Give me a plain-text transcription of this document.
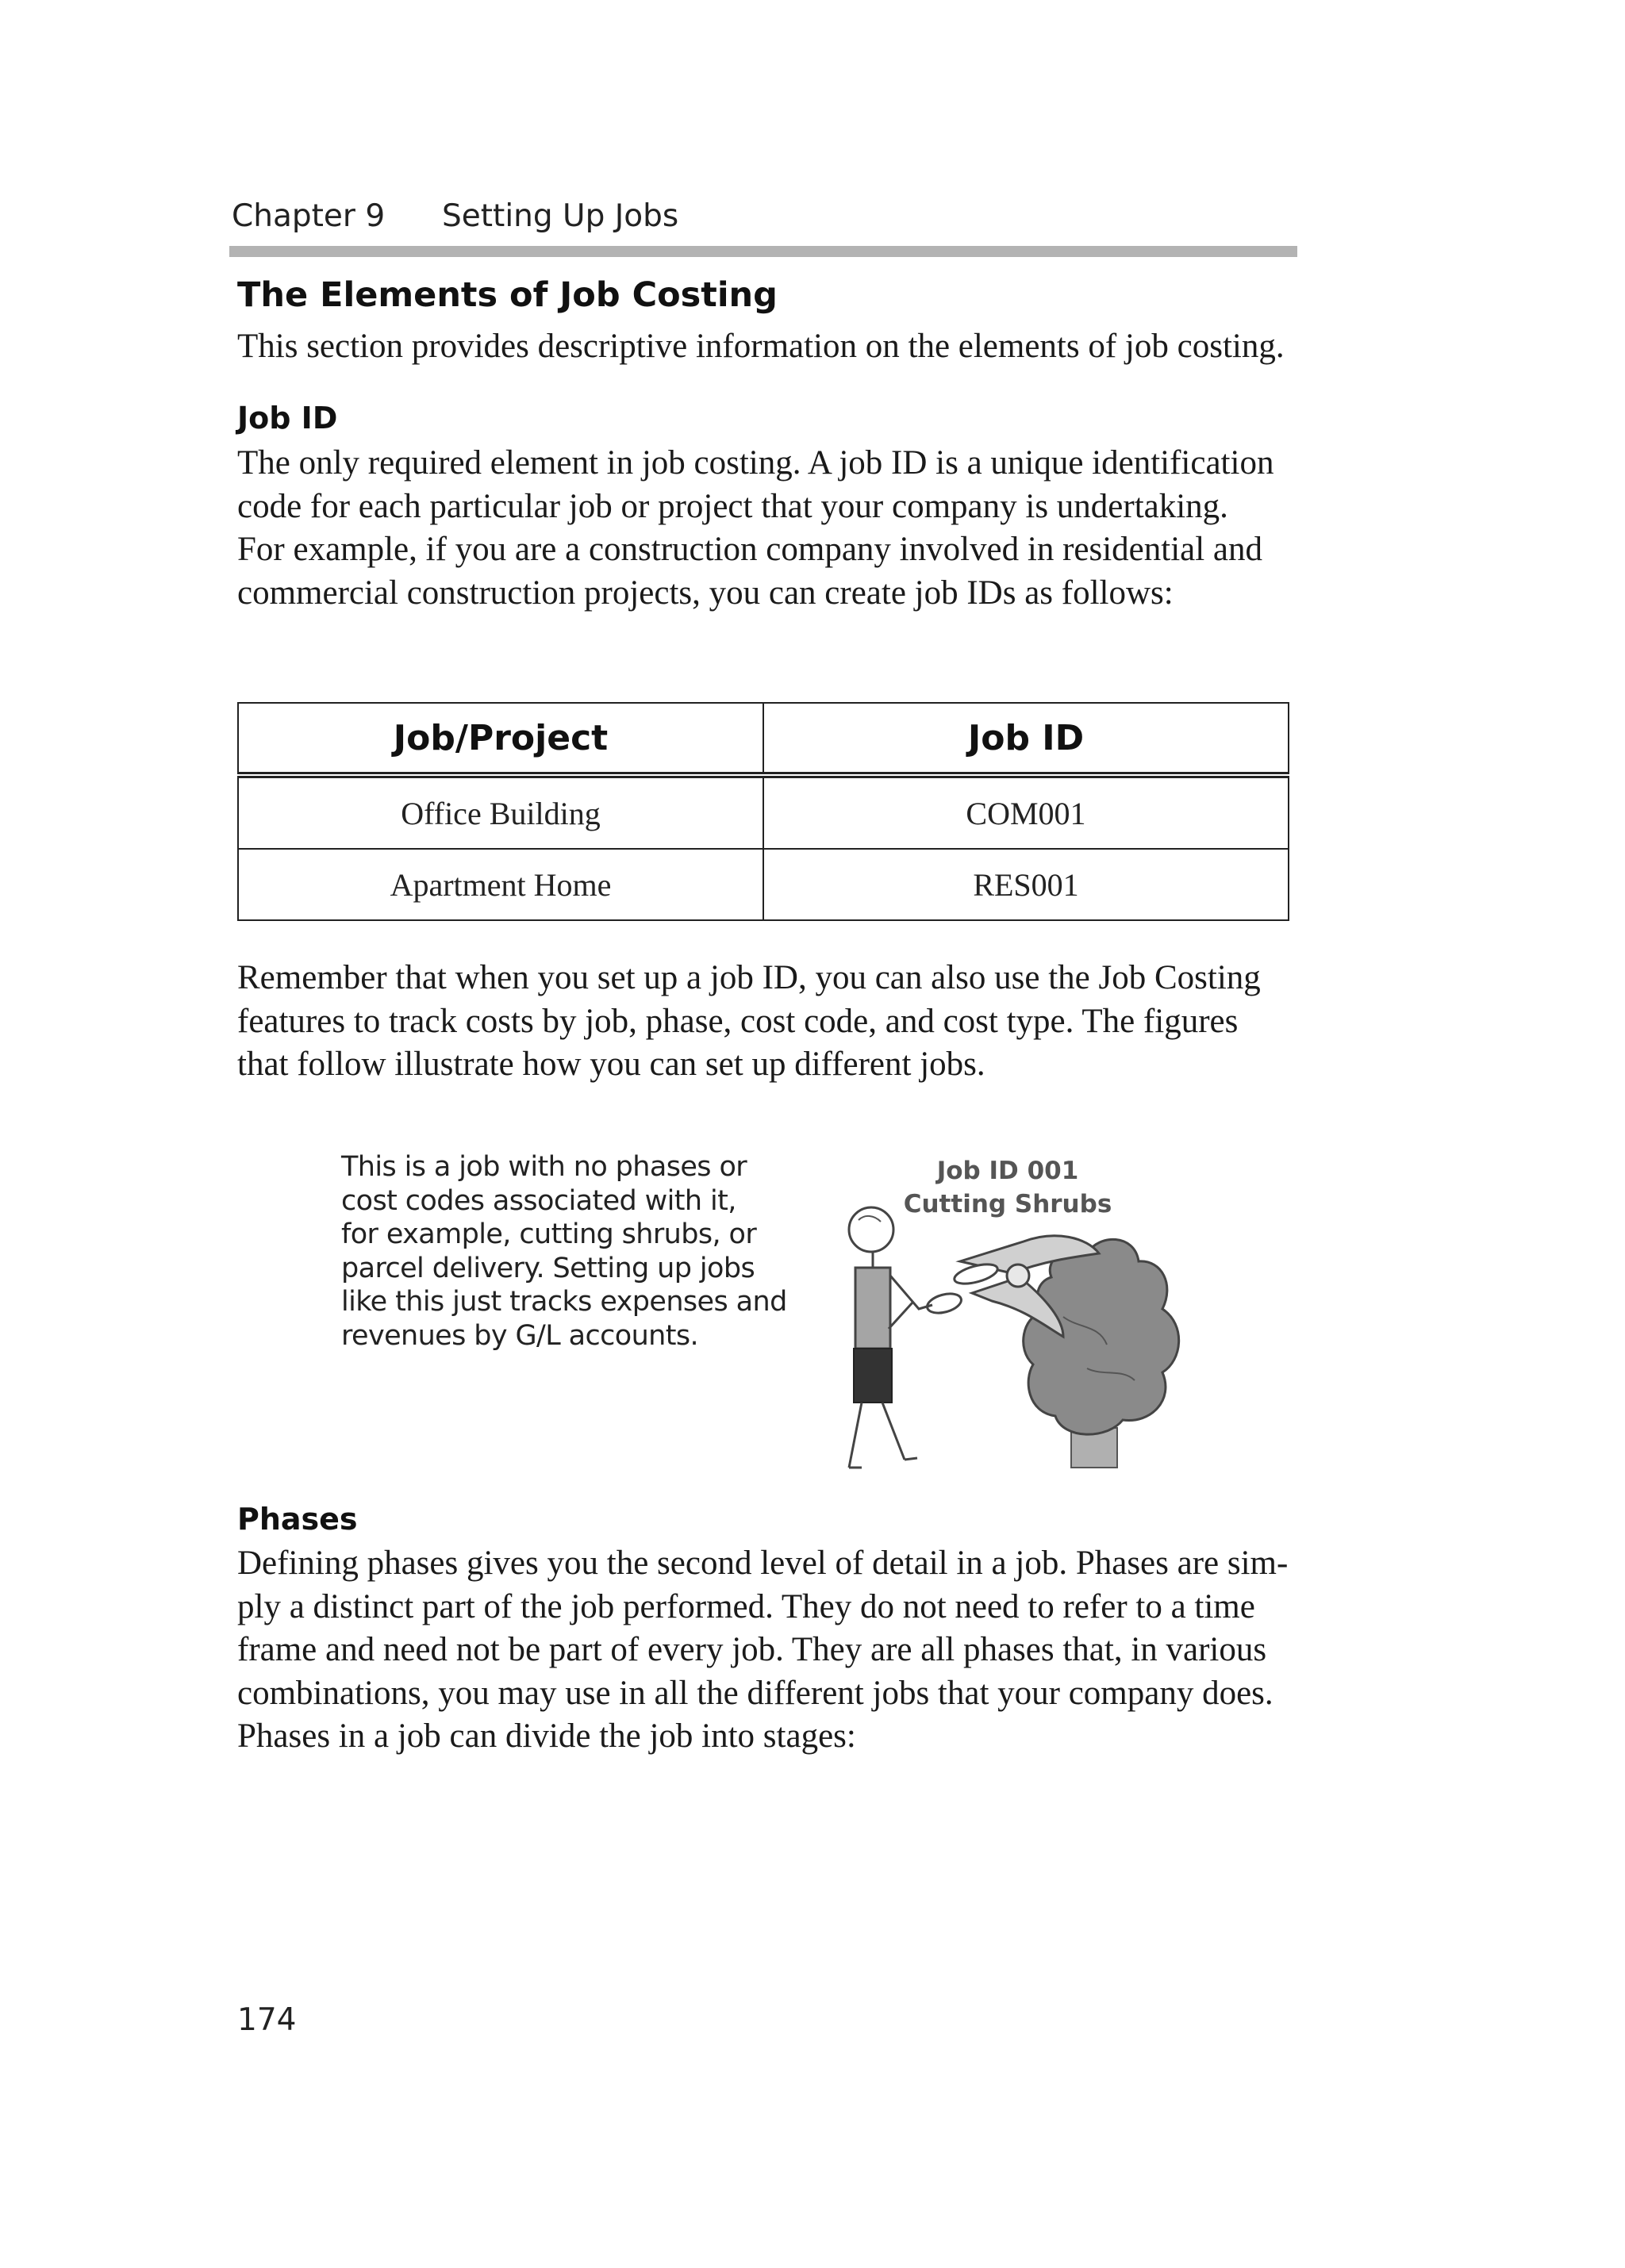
Chapter 9 Setting Up Jobs
The Elements of Job Costing

This section provides descriptive information on the elements of job costing.

Job ID

The only required element in job costing. A job ID is a unique identification
code for each particular job or project that your company is undertaking.
For example, if you are a construction company involved in residential and
commercial construction projects, you can create job IDs as follows:

Job/Project	Job ID
Office Building	COM001
Apartment Home	RES001

Remember that when you set up a job ID, you can also use the Job Costing
features to track costs by job, phase, cost code, and cost type. The figures
that follow illustrate how you can set up different jobs.

This is a job with no phases or
cost codes associated with it,
for example, cutting shrubs, or
parcel delivery. Setting up jobs
like this just tracks expenses and
revenues by G/L accounts.

Job ID 001
Cutting Shrubs
Phases

Defining phases gives you the second level of detail in a job. Phases are sim-
ply a distinct part of the job performed. They do not need to refer to a time
frame and need not be part of every job. They are all phases that, in various
combinations, you may use in all the different jobs that your company does.
Phases in a job can divide the job into stages:

174
